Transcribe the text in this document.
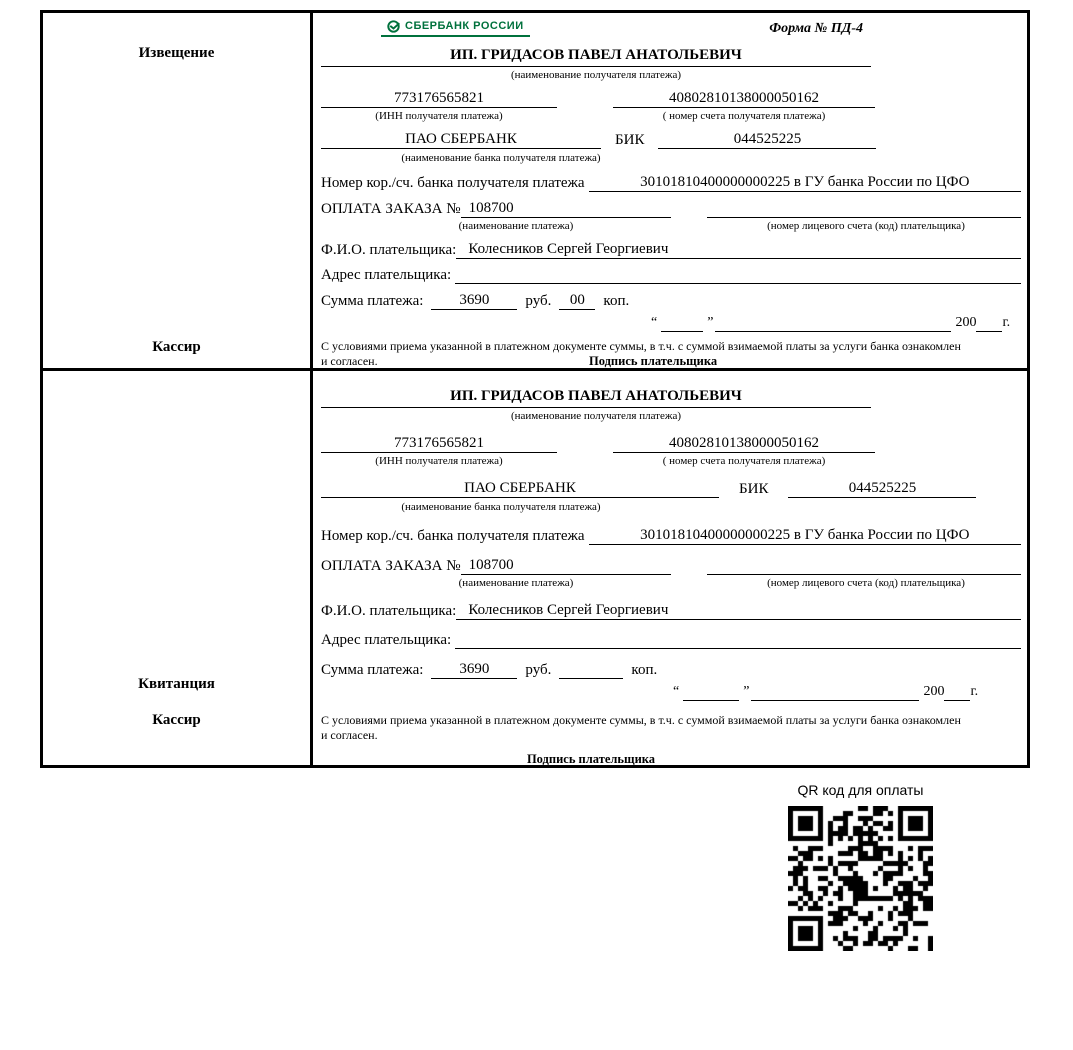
Извещение
Кассир
СБЕРБАНК РОССИИ	Форма № ПД-4
ИП. ГРИДАСОВ ПАВЕЛ АНАТОЛЬЕВИЧ
(наименование получателя платежа)
773176565821
(ИНН получателя платежа)
40802810138000050162
( номер счета получателя платежа)
ПАО СБЕРБАНК	БИК	044525225
(наименование банка получателя платежа)
Номер кор./сч. банка получателя платежа	30101810400000000225 в ГУ банка России по ЦФО
ОПЛАТА ЗАКАЗА № 108700
(наименование платежа)	(номер лицевого счета (код) плательщика)
Ф.И.О. плательщика: Колесников Сергей Георгиевич
Адрес плательщика:
Сумма платежа:	3690	руб.	00	коп.
“	”	200 г.
С условиями приема указанной в платежном документе суммы, в т.ч. с суммой взимаемой платы за услуги банка ознакомлен и согласен.	Подпись плательщика
Квитанция
Кассир
ИП. ГРИДАСОВ ПАВЕЛ АНАТОЛЬЕВИЧ
(наименование получателя платежа)
773176565821
(ИНН получателя платежа)
40802810138000050162
( номер счета получателя платежа)
ПАО СБЕРБАНК	БИК	044525225
(наименование банка получателя платежа)
Номер кор./сч. банка получателя платежа	30101810400000000225 в ГУ банка России по ЦФО
ОПЛАТА ЗАКАЗА № 108700
(наименование платежа)	(номер лицевого счета (код) плательщика)
Ф.И.О. плательщика: Колесников Сергей Георгиевич
Адрес плательщика:
Сумма платежа:	3690	руб.	коп.
“	”	200 г.
С условиями приема указанной в платежном документе суммы, в т.ч. с суммой взимаемой платы за услуги банка ознакомлен и согласен.
Подпись плательщика
QR код для оплаты
